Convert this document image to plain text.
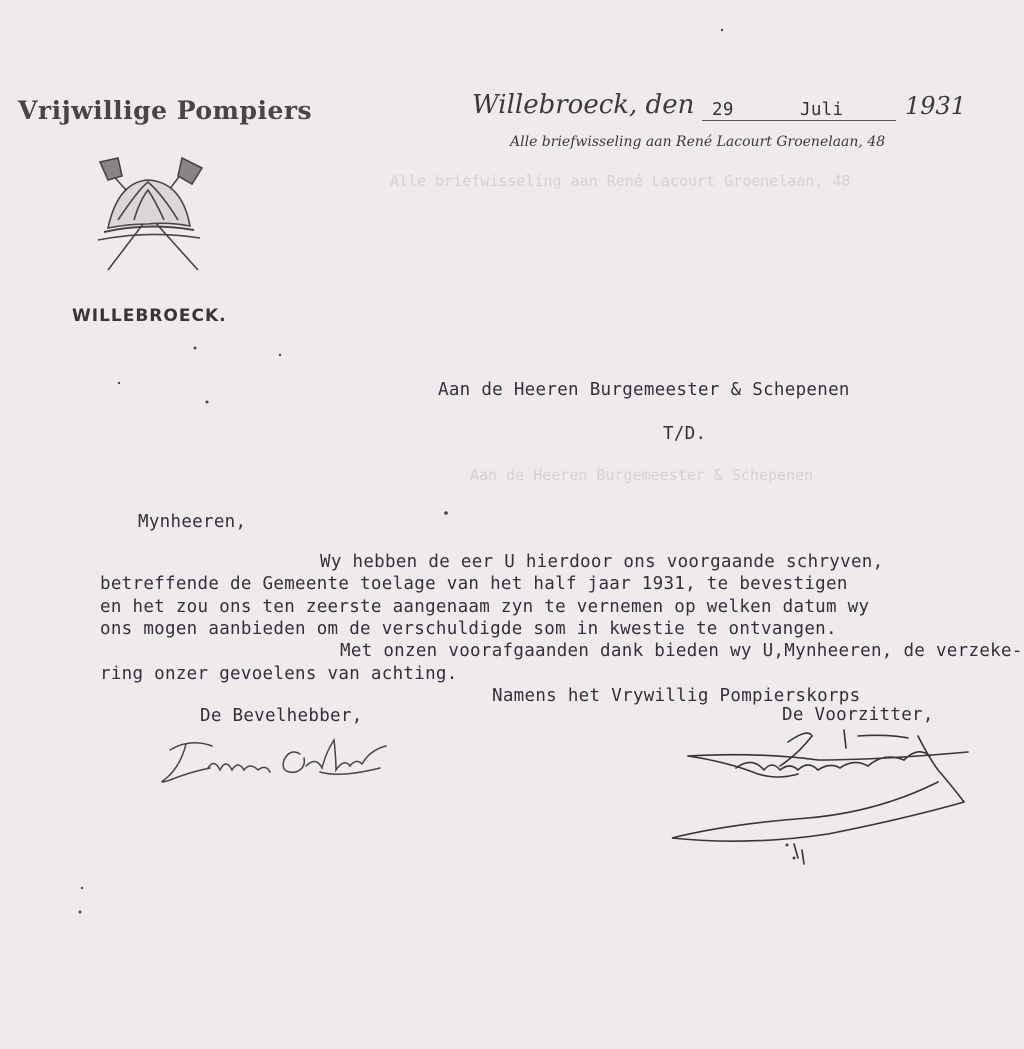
Alle briefwisseling aan René Lacourt Groenelaan, 48
Aan de Heeren Burgemeester & Schepenen
Vrijwillige Pompiers
WILLEBROECK.
Willebroeck, den 29	Juli	1931
Alle briefwisseling aan René Lacourt Groenelaan, 48
Aan de Heeren Burgemeester & Schepenen
T/D.
Mynheeren,
Wy hebben de eer U hierdoor ons voorgaande schryven,
betreffende de Gemeente toelage van het half jaar 1931, te bevestigen
en het zou ons ten zeerste aangenaam zyn te vernemen op welken datum wy
ons mogen aanbieden om de verschuldigde som in kwestie te ontvangen.
Met onzen voorafgaanden dank bieden wy U,Mynheeren, de verzeke-
ring onzer gevoelens van achting.
Namens het Vrywillig Pompierskorps
De Bevelhebber,	De Voorzitter,
